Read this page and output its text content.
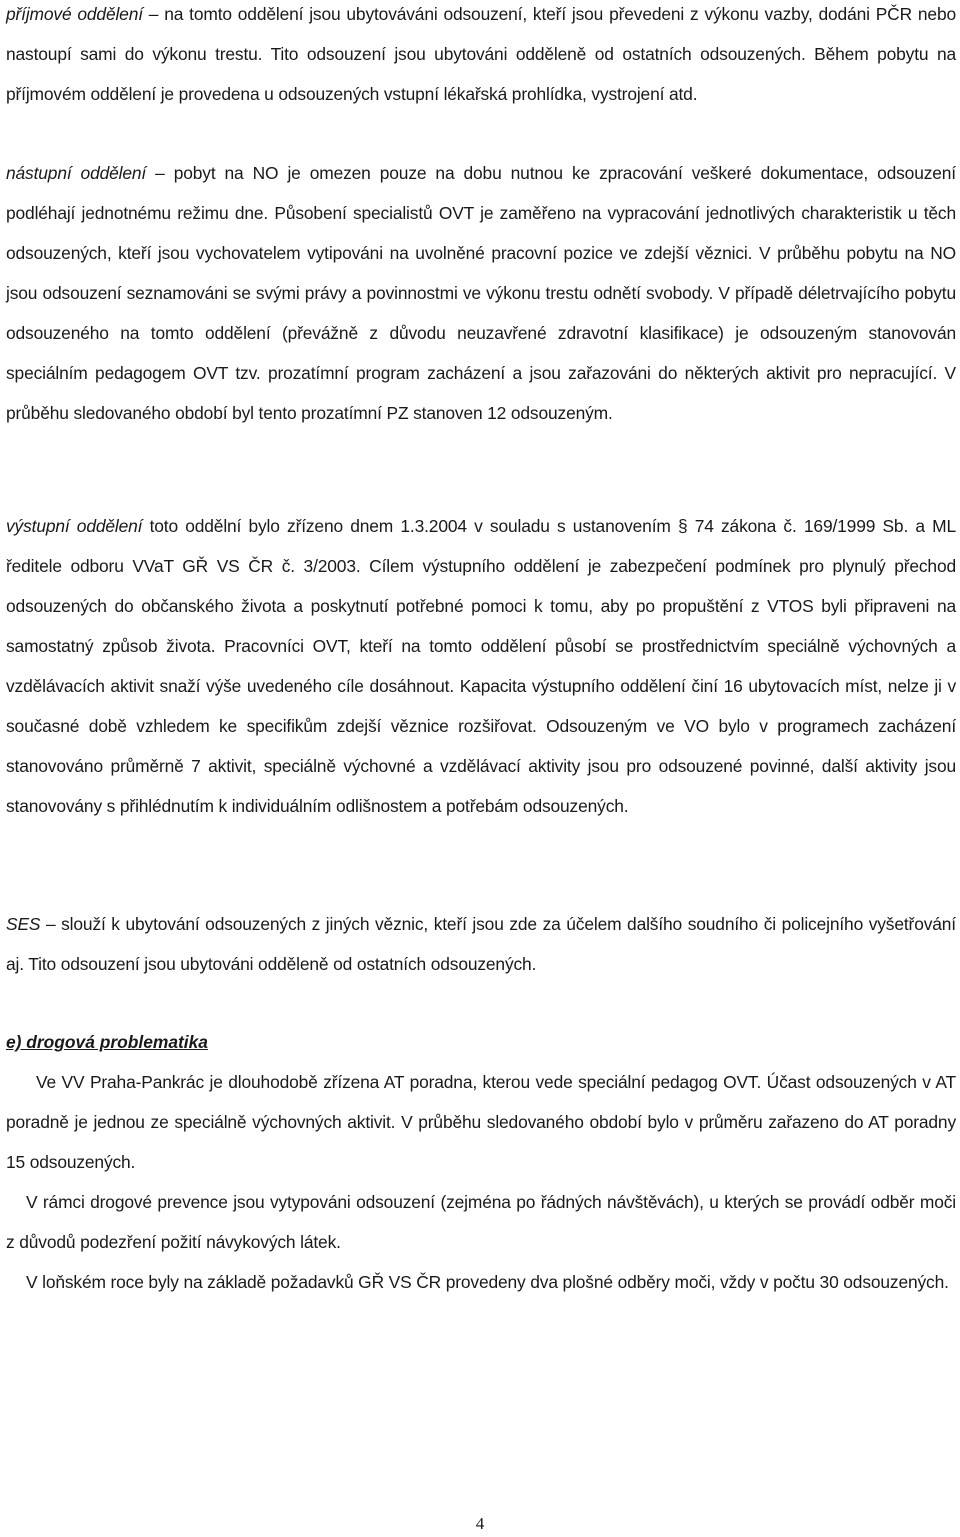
příjmové oddělení – na tomto oddělení jsou ubytováváni odsouzení, kteří jsou převedeni z výkonu vazby, dodáni PČR nebo nastoupí sami do výkonu trestu. Tito odsouzení jsou ubytováni odděleně od ostatních odsouzených. Během pobytu na příjmovém oddělení je provedena u odsouzených vstupní lékařská prohlídka, vystrojení atd.

nástupní oddělení – pobyt na NO je omezen pouze na dobu nutnou ke zpracování veškeré dokumentace, odsouzení podléhají jednotnému režimu dne. Působení specialistů OVT je zaměřeno na vypracování jednotlivých charakteristik u těch odsouzených, kteří jsou vychovatelem vytipováni na uvolněné pracovní pozice ve zdejší věznici. V průběhu pobytu na NO jsou odsouzení seznamováni se svými právy a povinnostmi ve výkonu trestu odnětí svobody. V případě déletrvajícího pobytu odsouzeného na tomto oddělení (převážně z důvodu neuzavřené zdravotní klasifikace) je odsouzeným stanovován speciálním pedagogem OVT tzv. prozatímní program zacházení a jsou zařazováni do některých aktivit pro nepracující. V průběhu sledovaného období byl tento prozatímní PZ stanoven 12 odsouzeným.

výstupní oddělení toto oddělní bylo zřízeno dnem 1.3.2004 v souladu s ustanovením § 74 zákona č. 169/1999 Sb. a ML ředitele odboru VVaT GŘ VS ČR č. 3/2003. Cílem výstupního oddělení je zabezpečení podmínek pro plynulý přechod odsouzených do občanského života a poskytnutí potřebné pomoci k tomu, aby po propuštění z VTOS byli připraveni na samostatný způsob života. Pracovníci OVT, kteří na tomto oddělení působí se prostřednictvím speciálně výchovných a vzdělávacích aktivit snaží výše uvedeného cíle dosáhnout. Kapacita výstupního oddělení činí 16 ubytovacích míst, nelze ji v současné době vzhledem ke specifikům zdejší věznice rozšiřovat. Odsouzeným ve VO bylo v programech zacházení stanovováno průměrně 7 aktivit, speciálně výchovné a vzdělávací aktivity jsou pro odsouzené povinné, další aktivity jsou stanovovány s přihlédnutím k individuálním odlišnostem a potřebám odsouzených.

SES – slouží k ubytování odsouzených z jiných věznic, kteří jsou zde za účelem dalšího soudního či policejního vyšetřování aj. Tito odsouzení jsou ubytováni odděleně od ostatních odsouzených.

e) drogová problematika

Ve VV Praha-Pankrác je dlouhodobě zřízena AT poradna, kterou vede speciální pedagog OVT. Účast odsouzených v AT poradně je jednou ze speciálně výchovných aktivit. V průběhu sledovaného období bylo v průměru zařazeno do AT poradny 15 odsouzených.

V rámci drogové prevence jsou vytypováni odsouzení (zejména po řádných návštěvách), u kterých se provádí odběr moči z důvodů podezření požití návykových látek.

V loňském roce byly na základě požadavků GŘ VS ČR provedeny dva plošné odběry moči, vždy v počtu 30 odsouzených.

4
